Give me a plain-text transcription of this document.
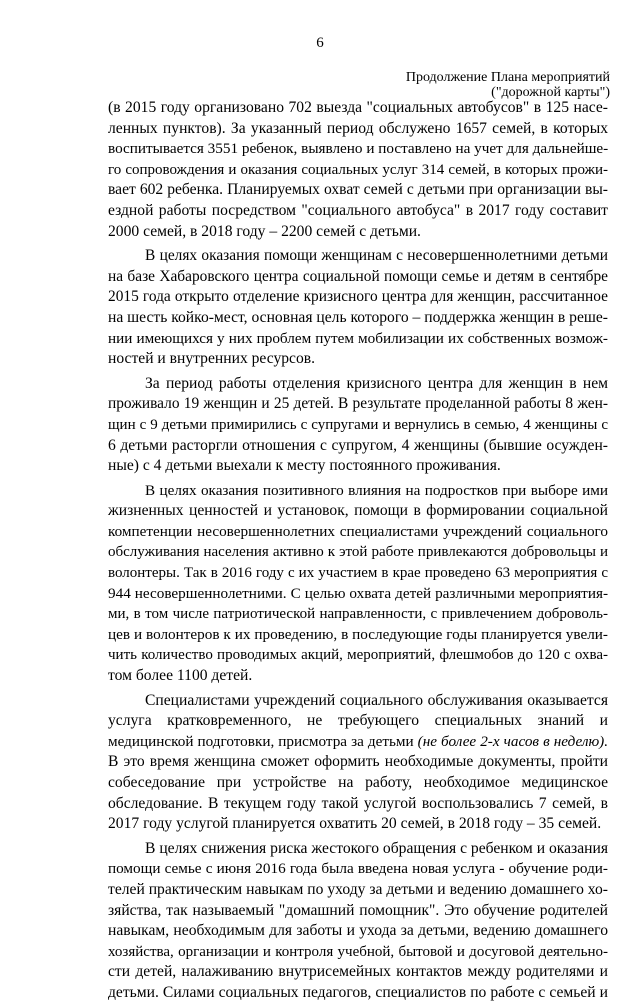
6
Продолжение Плана мероприятий
("дорожной карты")

(в 2015 году организовано 702 выезда "социальных автобусов" в 125 насе-
ленных пунктов). За указанный период обслужено 1657 семей, в которых
воспитывается 3551 ребенок, выявлено и поставлено на учет для дальнейше-
го сопровождения и оказания социальных услуг 314 семей, в которых прожи-
вает 602 ребенка. Планируемых охват семей с детьми при организации вы-
ездной работы посредством "социального автобуса" в 2017 году составит
2000 семей, в 2018 году – 2200 семей с детьми.

В целях оказания помощи женщинам с несовершеннолетними детьми
на базе Хабаровского центра социальной помощи семье и детям в сентябре
2015 года открыто отделение кризисного центра для женщин, рассчитанное
на шесть койко-мест, основная цель которого – поддержка женщин в реше-
нии имеющихся у них проблем путем мобилизации их собственных возмож-
ностей и внутренних ресурсов.

За период работы отделения кризисного центра для женщин в нем
проживало 19 женщин и 25 детей. В результате проделанной работы 8 жен-
щин с 9 детьми примирились с супругами и вернулись в семью, 4 женщины с
6 детьми расторгли отношения с супругом, 4 женщины (бывшие осужден-
ные) с 4 детьми выехали к месту постоянного проживания.

В целях оказания позитивного влияния на подростков при выборе ими
жизненных ценностей и установок, помощи в формировании социальной
компетенции несовершеннолетних специалистами учреждений социального
обслуживания населения активно к этой работе привлекаются добровольцы и
волонтеры. Так в 2016 году с их участием в крае проведено 63 мероприятия с
944 несовершеннолетними. С целью охвата детей различными мероприятия-
ми, в том числе патриотической направленности, с привлечением доброволь-
цев и волонтеров к их проведению, в последующие годы планируется увели-
чить количество проводимых акций, мероприятий, флешмобов до 120 с охва-
том более 1100 детей.

Специалистами учреждений социального обслуживания оказывается
услуга кратковременного, не требующего специальных знаний и
медицинской подготовки, присмотра за детьми (не более 2-х часов в неделю).
В это время женщина сможет оформить необходимые документы, пройти
собеседование при устройстве на работу, необходимое медицинское
обследование. В текущем году такой услугой воспользовались 7 семей, в
2017 году услугой планируется охватить 20 семей, в 2018 году – 35 семей.

В целях снижения риска жестокого обращения с ребенком и оказания
помощи семье с июня 2016 года была введена новая услуга - обучение роди-
телей практическим навыкам по уходу за детьми и ведению домашнего хо-
зяйства, так называемый "домашний помощник". Это обучение родителей
навыкам, необходимым для заботы и ухода за детьми, ведению домашнего
хозяйства, организации и контроля учебной, бытовой и досуговой деятельно-
сти детей, налаживанию внутрисемейных контактов между родителями и
детьми. Силами социальных педагогов, специалистов по работе с семьей и
